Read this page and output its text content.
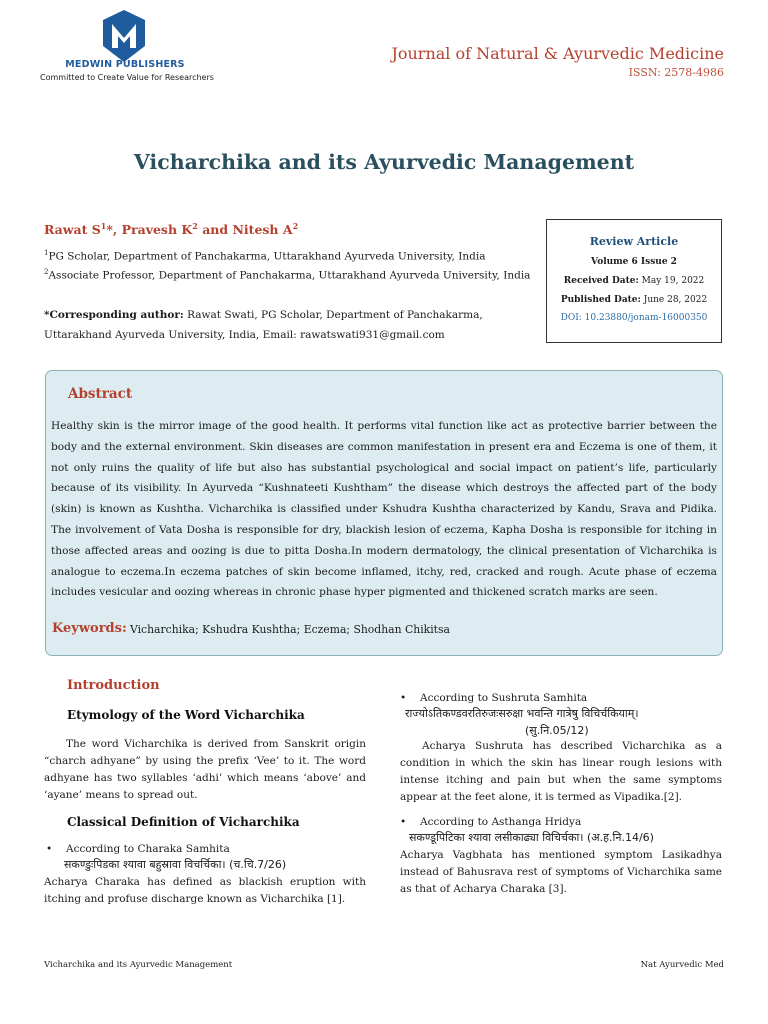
MEDWIN PUBLISHERS
Committed to Create Value for Researchers
Journal of Natural & Ayurvedic Medicine
ISSN: 2578-4986
Vicharchika and its Ayurvedic Management
Rawat $S^1*$, Pravesh $K^2$ and Nitesh $A^2$
$^1$PG Scholar, Department of Panchakarma, Uttarakhand Ayurveda University, India
$^2$Associate Professor, Department of Panchakarma, Uttarakhand Ayurveda University, India
*Corresponding author: Rawat Swati, PG Scholar, Department of Panchakarma, Uttarakhand Ayurveda University, India, Email: rawatswati931@gmail.com
Review Article
Volume 6 Issue 2
Received Date: May 19, 2022
Published Date: June 28, 2022
DOI: 10.23880/jonam-16000350
Abstract
Healthy skin is the mirror image of the good health. It performs vital function like act as protective barrier between the body and the external environment. Skin diseases are common manifestation in present era and Eczema is one of them, it not only ruins the quality of life but also has substantial psychological and social impact on patient’s life, particularly because of its visibility. In Ayurveda “Kushnateeti Kushtham” the disease which destroys the affected part of the body (skin) is known as Kushtha. Vicharchika is classified under Kshudra Kushtha characterized by Kandu, Srava and Pidika. The involvement of Vata Dosha is responsible for dry, blackish lesion of eczema, Kapha Dosha is responsible for itching in those affected areas and oozing is due to pitta Dosha.In modern dermatology, the clinical presentation of Vicharchika is analogue to eczema.In eczema patches of skin become inflamed, itchy, red, cracked and rough. Acute phase of eczema includes vesicular and oozing whereas in chronic phase hyper pigmented and thickened scratch marks are seen.
Keywords: Vicharchika; Kshudra Kushtha; Eczema; Shodhan Chikitsa
Introduction
Etymology of the Word Vicharchika
The word Vicharchika is derived from Sanskrit origin “charch adhyane” by using the prefix ‘Vee’ to it. The word adhyane has two syllables ‘adhi’ which means ‘above’ and ‘ayane’ means to spread out.
Classical Definition of Vicharchika
• According to Charaka Samhita
सकण्डुःपिडका श्यावा बहुस्रावा विचर्चिका। (च.चि.7/26)
Acharya Charaka has defined as blackish eruption with itching and profuse discharge known as Vicharchika [1].
• According to Sushruta Samhita
राज्योऽतिकण्डवरतिरुजःसरुक्षा भवन्ति गात्रेषु विचिर्चकियाम्।
(सु.नि.05/12)
Acharya Sushruta has described Vicharchika as a condition in which the skin has linear rough lesions with intense itching and pain but when the same symptoms appear at the feet alone, it is termed as Vipadika.[2].
• According to Asthanga Hridya
सकण्डूपिटिका श्यावा लसीकाढ्या विचिर्चका। (अ.ह.नि.14/6)
Acharya Vagbhata has mentioned symptom Lasikadhya instead of Bahusrava rest of symptoms of Vicharchika same as that of Acharya Charaka [3].
Vicharchika and its Ayurvedic Management	Nat Ayurvedic Med
